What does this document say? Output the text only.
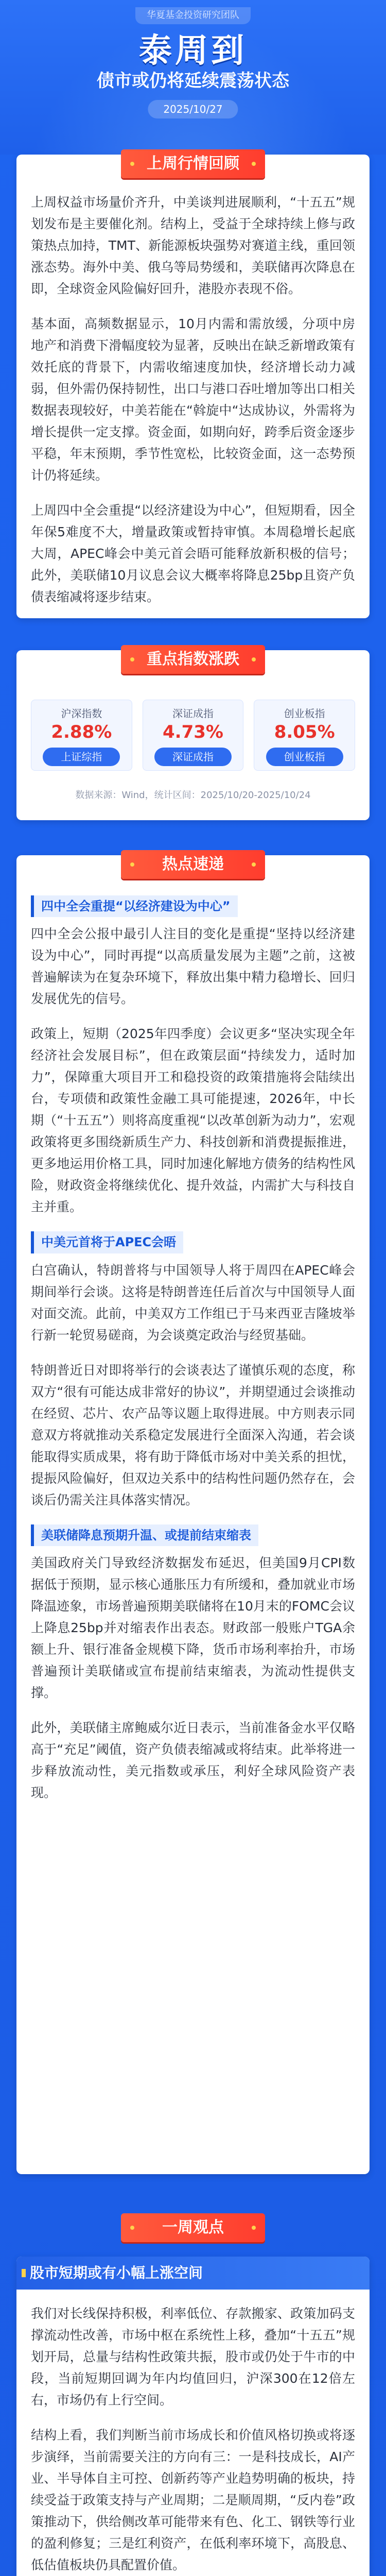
华夏基金投资研究团队
泰周到
债市或仍将延续震荡状态
2025/10/27
上周行情回顾

上周权益市场量价齐升，中美谈判进展顺利，“十五五”规划发布是主要催化剂。结构上，受益于全球持续上修与政策热点加持，TMT、新能源板块强势对赛道主线，重回领涨态势。海外中美、俄乌等局势缓和，美联储再次降息在即，全球资金风险偏好回升，港股亦表现不俗。

基本面，高频数据显示，10月内需和需放缓，分项中房地产和消费下滑幅度较为显著，反映出在缺乏新增政策有效托底的背景下，内需收缩速度加快，经济增长动力减弱，但外需仍保持韧性，出口与港口吞吐增加等出口相关数据表现较好，中美若能在“斡旋中“达成协议，外需将为增长提供一定支撑。资金面，如期向好，跨季后资金逐步平稳，年末预期，季节性宽松，比较资金面，这一态势预计仍将延续。

上周四中全会重提“以经济建设为中心”，但短期看，因全年保5难度不大，增量政策或暂持审慎。本周稳增长起底大周，APEC峰会中美元首会晤可能释放新积极的信号；此外，美联储10月议息会议大概率将降息25bp且资产负债表缩减将逐步结束。

重点指数涨跌
沪深指数
2.88%
上证综指
深证成指
4.73%
深证成指
创业板指
8.05%
创业板指
数据来源：Wind，统计区间：2025/10/20-2025/10/24
热点速递
四中全会重提“以经济建设为中心”

四中全会公报中最引人注目的变化是重提“坚持以经济建设为中心”，同时再提“以高质量发展为主题”之前，这被普遍解读为在复杂环境下，释放出集中精力稳增长、回归发展优先的信号。

政策上，短期（2025年四季度）会议更多“坚决实现全年经济社会发展目标”，但在政策层面“持续发力，适时加力”，保障重大项目开工和稳投资的政策措施将会陆续出台，专项债和政策性金融工具可能提速，2026年，中长期（“十五五”）则将高度重视“以改革创新为动力”，宏观政策将更多围绕新质生产力、科技创新和消费提振推进，更多地运用价格工具，同时加速化解地方债务的结构性风险，财政资金将继续优化、提升效益，内需扩大与科技自主并重。

中美元首将于APEC会晤

白宫确认，特朗普将与中国领导人将于周四在APEC峰会期间举行会谈。这将是特朗普连任后首次与中国领导人面对面交流。此前，中美双方工作组已于马来西亚吉隆坡举行新一轮贸易磋商，为会谈奠定政治与经贸基础。

特朗普近日对即将举行的会谈表达了谨慎乐观的态度，称双方“很有可能达成非常好的协议”，并期望通过会谈推动在经贸、芯片、农产品等议题上取得进展。中方则表示同意双方将就推动关系稳定发展进行全面深入沟通，若会谈能取得实质成果，将有助于降低市场对中美关系的担忧，提振风险偏好，但双边关系中的结构性问题仍然存在，会谈后仍需关注具体落实情况。

美联储降息预期升温、或提前结束缩表

美国政府关门导致经济数据发布延迟，但美国9月CPI数据低于预期，显示核心通胀压力有所缓和，叠加就业市场降温迹象，市场普遍预期美联储将在10月末的FOMC会议上降息25bp并对缩表作出表态。财政部一般账户TGA余额上升、银行准备金规模下降，货币市场利率抬升，市场普遍预计美联储或宣布提前结束缩表，为流动性提供支撑。

此外，美联储主席鲍威尔近日表示，当前准备金水平仅略高于“充足”阈值，资产负债表缩减或将结束。此举将进一步释放流动性，美元指数或承压，利好全球风险资产表现。

一周观点
股市短期或有小幅上涨空间

我们对长线保持积极，利率低位、存款搬家、政策加码支撑流动性改善，市场中枢在系统性上移，叠加“十五五”规划开局，总量与结构性政策共振，股市或仍处于牛市的中段，当前短期回调为年内均值回归，沪深300在12倍左右，市场仍有上行空间。

结构上看，我们判断当前市场成长和价值风格切换或将逐步演绎，当前需要关注的方向有三：一是科技成长，AI产业、半导体自主可控、创新药等产业趋势明确的板块，持续受益于政策支持与产业周期；二是顺周期，“反内卷”政策推动下，供给侧改革可能带来有色、化工、钢铁等行业的盈利修复；三是红利资产，在低利率环境下，高股息、低估值板块仍具配置价值。
